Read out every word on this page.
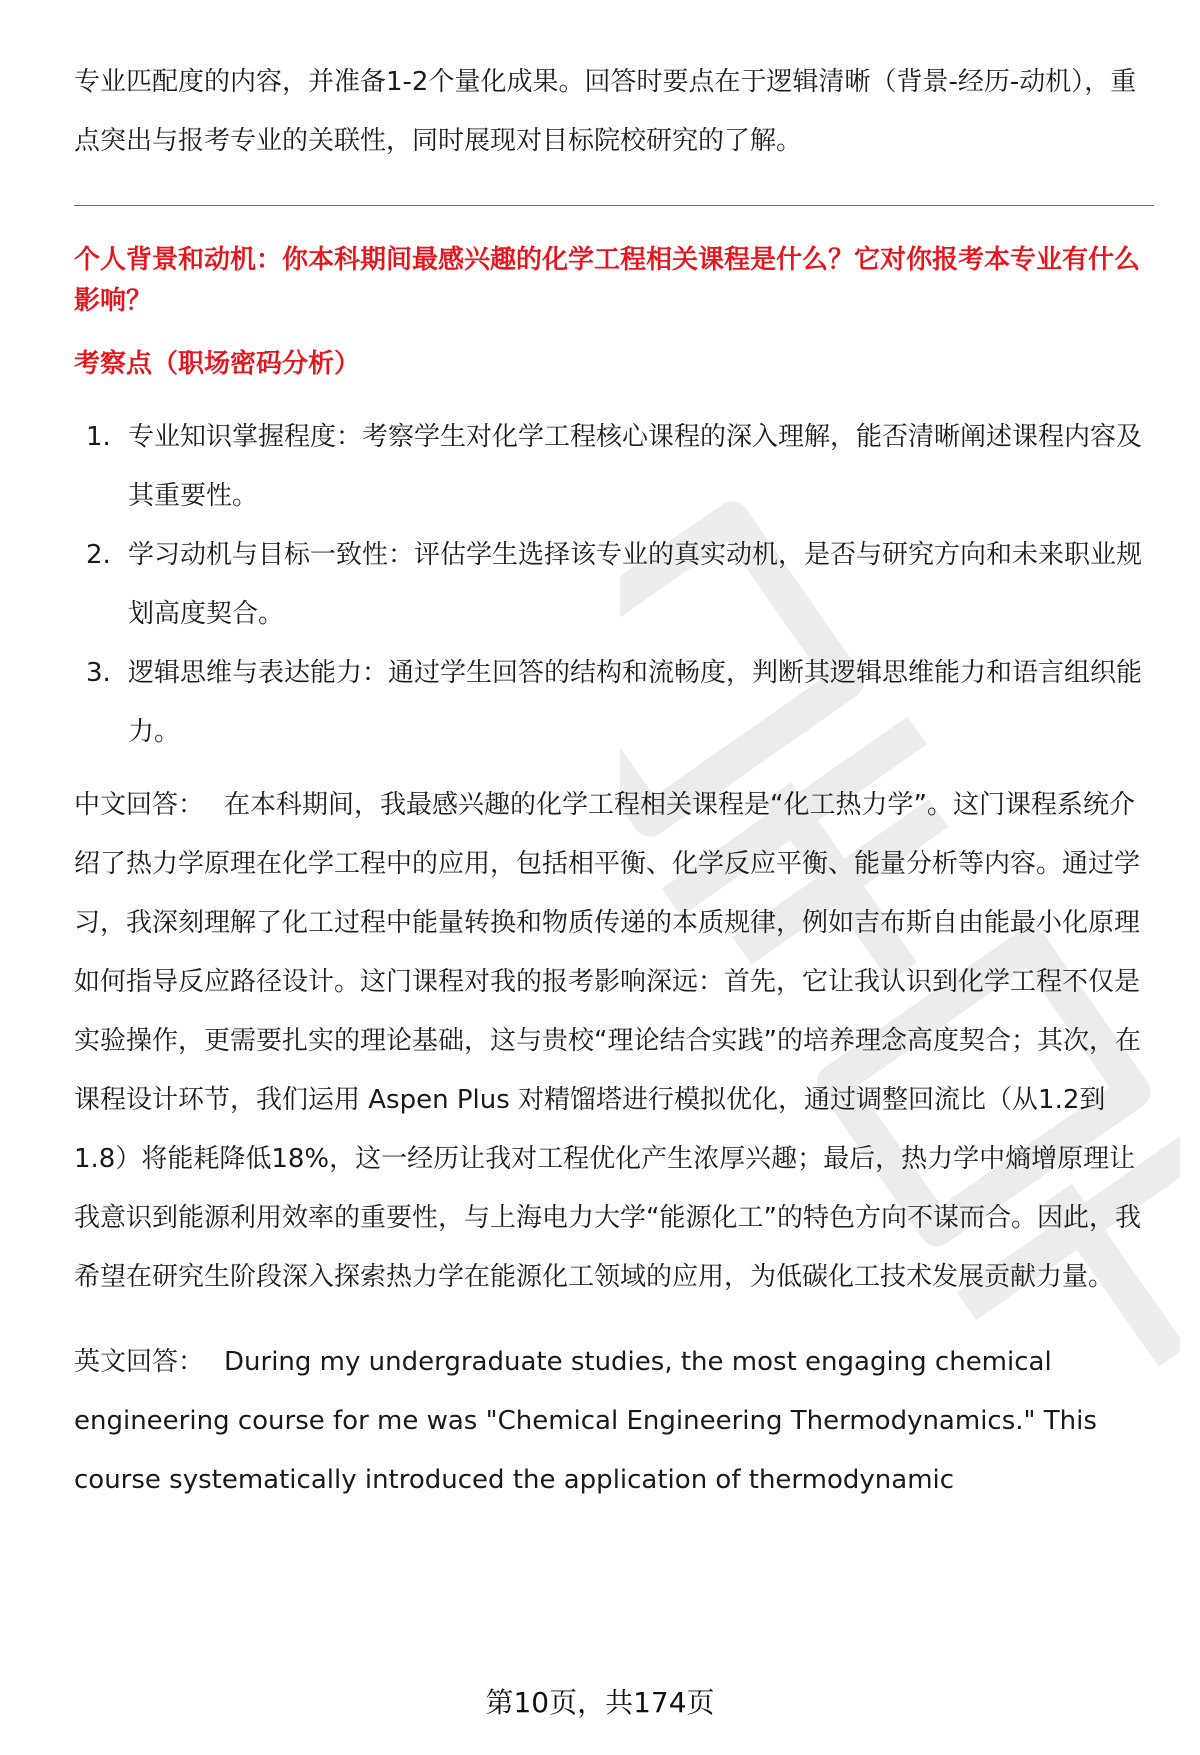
专业匹配度的内容，并准备1-2个量化成果。回答时要点在于逻辑清晰（背景-经历-动机），重点突出与报考专业的关联性，同时展现对目标院校研究的了解。

个人背景和动机：你本科期间最感兴趣的化学工程相关课程是什么？它对你报考本专业有什么影响？

考察点（职场密码分析）

1. 专业知识掌握程度：考察学生对化学工程核心课程的深入理解，能否清晰阐述课程内容及其重要性。
2. 学习动机与目标一致性：评估学生选择该专业的真实动机，是否与研究方向和未来职业规划高度契合。
3. 逻辑思维与表达能力：通过学生回答的结构和流畅度，判断其逻辑思维能力和语言组织能力。

中文回答： 在本科期间，我最感兴趣的化学工程相关课程是“化工热力学”。这门课程系统介绍了热力学原理在化学工程中的应用，包括相平衡、化学反应平衡、能量分析等内容。通过学习，我深刻理解了化工过程中能量转换和物质传递的本质规律，例如吉布斯自由能最小化原理如何指导反应路径设计。这门课程对我的报考影响深远：首先，它让我认识到化学工程不仅是实验操作，更需要扎实的理论基础，这与贵校“理论结合实践”的培养理念高度契合；其次，在课程设计环节，我们运用 Aspen Plus 对精馏塔进行模拟优化，通过调整回流比（从1.2到1.8）将能耗降低18%，这一经历让我对工程优化产生浓厚兴趣；最后，热力学中熵增原理让我意识到能源利用效率的重要性，与上海电力大学“能源化工”的特色方向不谋而合。因此，我希望在研究生阶段深入探索热力学在能源化工领域的应用，为低碳化工技术发展贡献力量。

英文回答： During my undergraduate studies, the most engaging chemical engineering course for me was "Chemical Engineering Thermodynamics." This course systematically introduced the application of thermodynamic

第10页，共174页
